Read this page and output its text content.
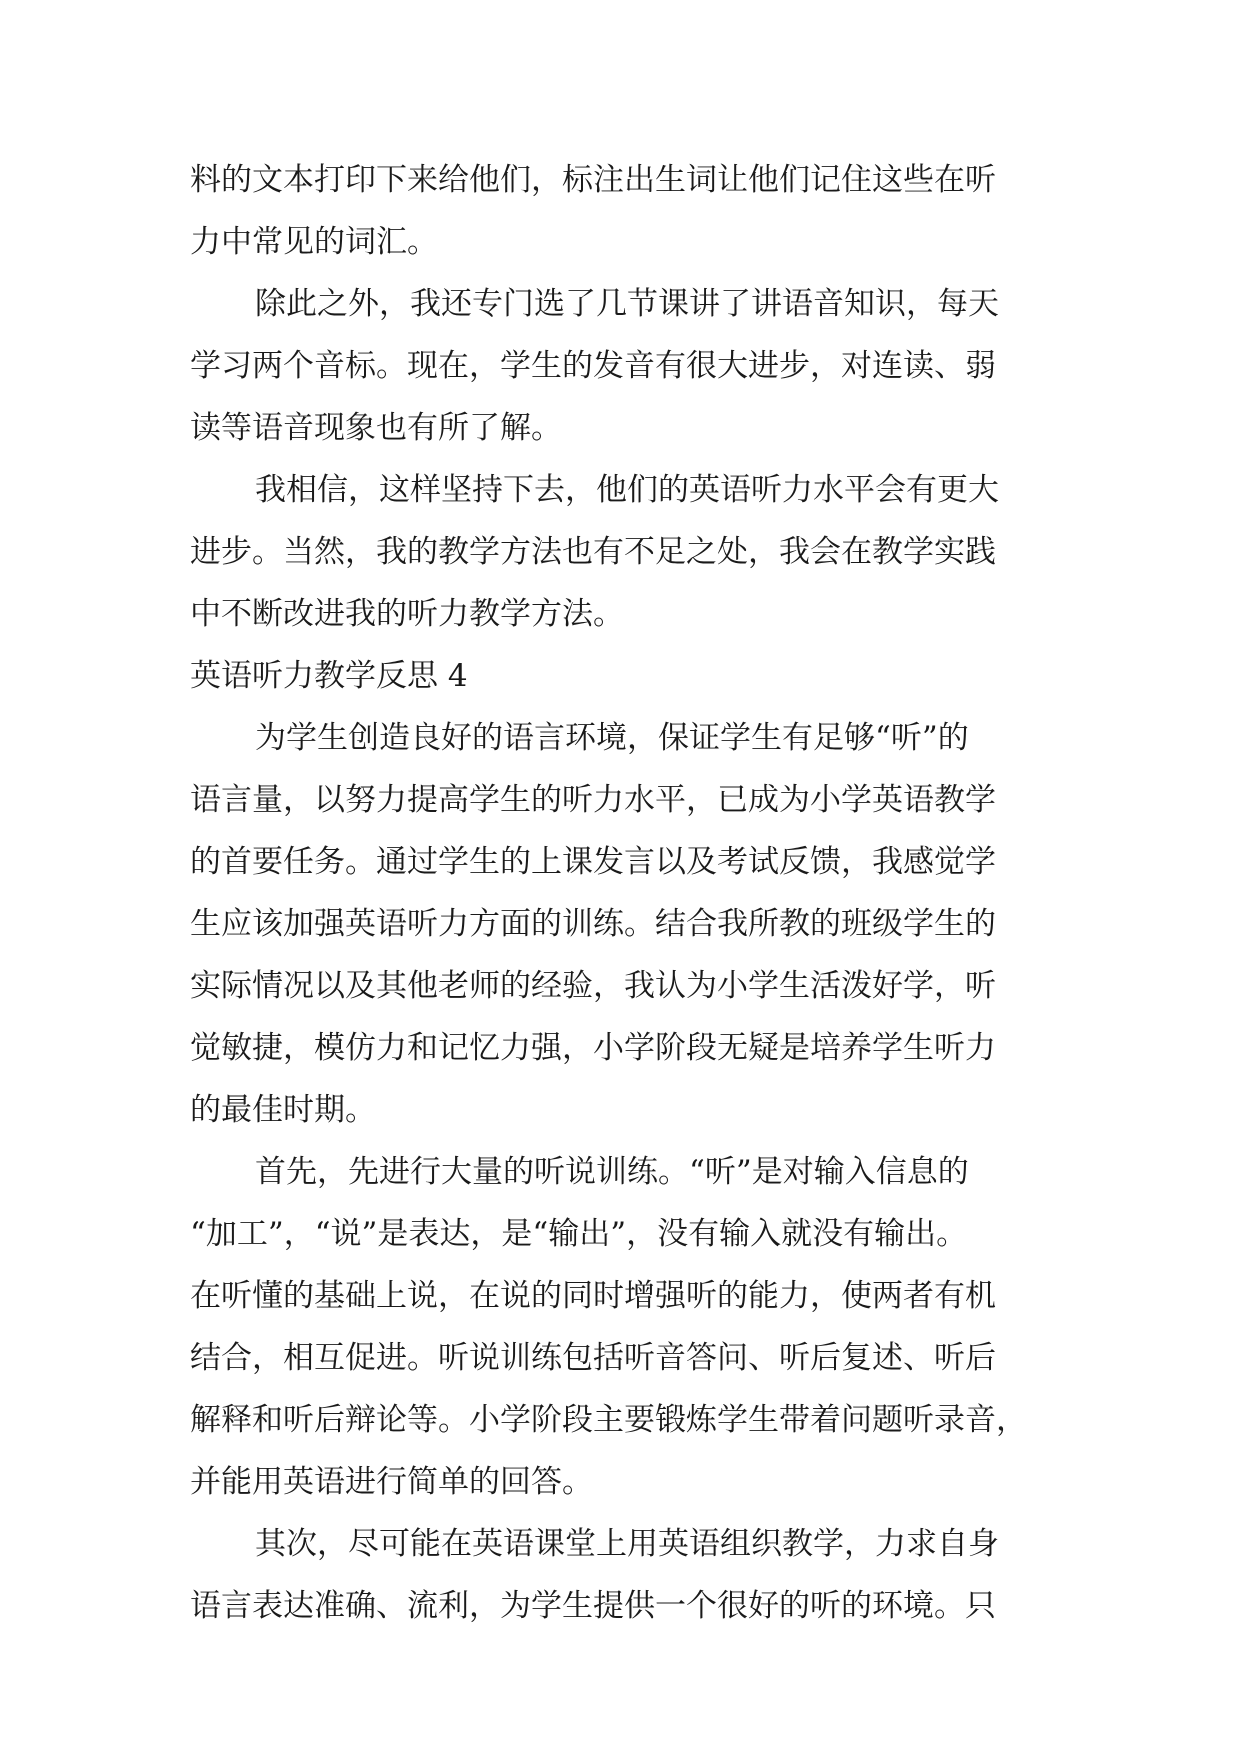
料的文本打印下来给他们，标注出生词让他们记住这些在听
力中常见的词汇。
除此之外，我还专门选了几节课讲了讲语音知识，每天
学习两个音标。现在，学生的发音有很大进步，对连读、弱
读等语音现象也有所了解。
我相信，这样坚持下去，他们的英语听力水平会有更大
进步。当然，我的教学方法也有不足之处，我会在教学实践
中不断改进我的听力教学方法。
英语听力教学反思 4
为学生创造良好的语言环境，保证学生有足够“听”的
语言量，以努力提高学生的听力水平，已成为小学英语教学
的首要任务。通过学生的上课发言以及考试反馈，我感觉学
生应该加强英语听力方面的训练。结合我所教的班级学生的
实际情况以及其他老师的经验，我认为小学生活泼好学，听
觉敏捷，模仿力和记忆力强，小学阶段无疑是培养学生听力
的最佳时期。
首先，先进行大量的听说训练。“听”是对输入信息的
“加工”，“说”是表达，是“输出”，没有输入就没有输出。
在听懂的基础上说，在说的同时增强听的能力，使两者有机
结合，相互促进。听说训练包括听音答问、听后复述、听后
解释和听后辩论等。小学阶段主要锻炼学生带着问题听录音，
并能用英语进行简单的回答。
其次，尽可能在英语课堂上用英语组织教学，力求自身
语言表达准确、流利，为学生提供一个很好的听的环境。只
